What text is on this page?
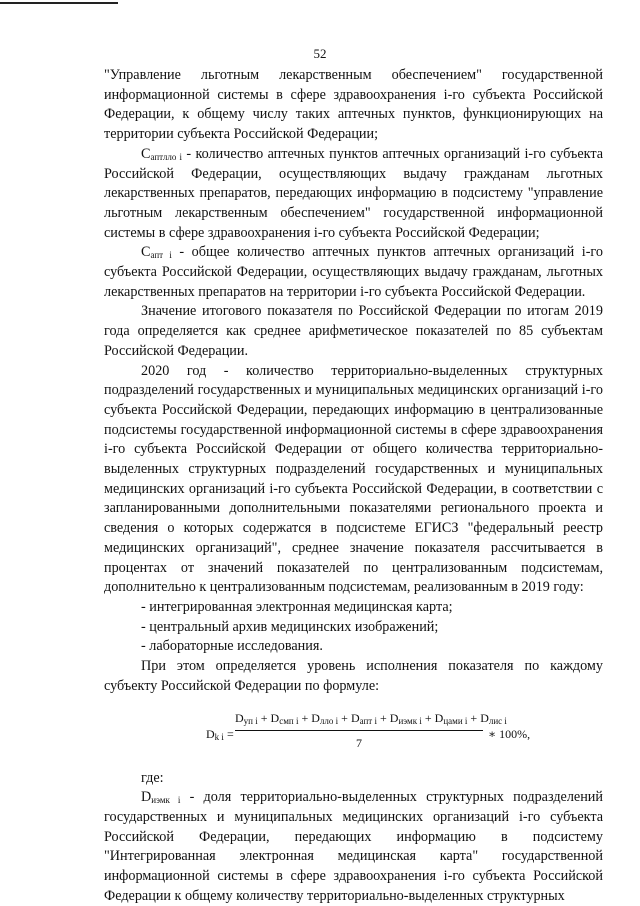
52

"Управление льготным лекарственным обеспечением" государственной информационной системы в сфере здравоохранения i-го субъекта Российской Федерации, к общему числу таких аптечных пунктов, функционирующих на территории субъекта Российской Федерации;

$С_{аптлло i}$ - количество аптечных пунктов аптечных организаций i-го субъекта Российской Федерации, осуществляющих выдачу гражданам льготных лекарственных препаратов, передающих информацию в подсистему "управление льготным лекарственным обеспечением" государственной информационной системы в сфере здравоохранения i-го субъекта Российской Федерации;

$С_{апт i}$ - общее количество аптечных пунктов аптечных организаций i-го субъекта Российской Федерации, осуществляющих выдачу гражданам, льготных лекарственных препаратов на территории i-го субъекта Российской Федерации.

Значение итогового показателя по Российской Федерации по итогам 2019 года определяется как среднее арифметическое показателей по 85 субъектам Российской Федерации.

2020 год - количество территориально-выделенных структурных подразделений государственных и муниципальных медицинских организаций i-го субъекта Российской Федерации, передающих информацию в централизованные подсистемы государственной информационной системы в сфере здравоохранения i-го субъекта Российской Федерации от общего количества территориально-выделенных структурных подразделений государственных и муниципальных медицинских организаций i-го субъекта Российской Федерации, в соответствии с запланированными дополнительными показателями регионального проекта и сведения о которых содержатся в подсистеме ЕГИСЗ "федеральный реестр медицинских организаций", среднее значение показателя рассчитывается в процентах от значений показателей по централизованным подсистемам, дополнительно к централизованным подсистемам, реализованным в 2019 году:

- интегрированная электронная медицинская карта;

- центральный архив медицинских изображений;

- лабораторные исследования.

При этом определяется уровень исполнения показателя по каждому субъекту Российской Федерации по формуле:

$D_{k i}$ =
$D_{уп i} + D_{смп i} + D_{лло i} + D_{апт i} + D_{иэмк i} + D_{цами i} + D_{лис i}$
7
∗ 100%,

где:

$D_{иэмк i}$ - доля территориально-выделенных структурных подразделений государственных и муниципальных медицинских организаций i-го субъекта Российской Федерации, передающих информацию в подсистему "Интегрированная электронная медицинская карта" государственной информационной системы в сфере здравоохранения i-го субъекта Российской Федерации к общему количеству территориально-выделенных структурных
